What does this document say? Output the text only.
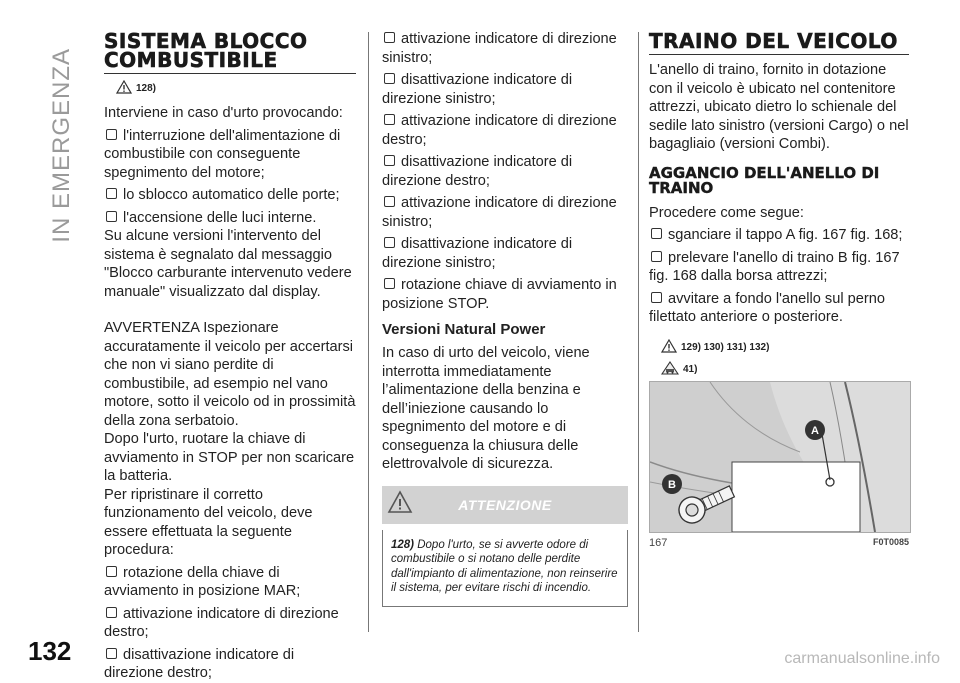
IN EMERGENZA
SISTEMA BLOCCO COMBUSTIBILE
128)

Interviene in caso d'urto provocando:

l'interruzione dell'alimentazione di combustibile con conseguente spegnimento del motore;
lo sblocco automatico delle porte;
l'accensione delle luci interne.

Su alcune versioni l'intervento del sistema è segnalato dal messaggio "Blocco carburante intervenuto vedere manuale" visualizzato dal display.

AVVERTENZA Ispezionare accuratamente il veicolo per accertarsi che non vi siano perdite di combustibile, ad esempio nel vano motore, sotto il veicolo od in prossimità della zona serbatoio.

Dopo l'urto, ruotare la chiave di avviamento in STOP per non scaricare la batteria.

Per ripristinare il corretto funzionamento del veicolo, deve essere effettuata la seguente procedura:

rotazione della chiave di avviamento in posizione MAR;
attivazione indicatore di direzione destro;
disattivazione indicatore di direzione destro;
attivazione indicatore di direzione sinistro;
disattivazione indicatore di direzione sinistro;
attivazione indicatore di direzione destro;
disattivazione indicatore di direzione destro;
attivazione indicatore di direzione sinistro;
disattivazione indicatore di direzione sinistro;
rotazione chiave di avviamento in posizione STOP.
Versioni Natural Power

In caso di urto del veicolo, viene interrotta immediatamente l’alimentazione della benzina e dell’iniezione causando lo spegnimento del motore e di conseguenza la chiusura delle elettrovalvole di sicurezza.

ATTENZIONE
128) Dopo l'urto, se si avverte odore di combustibile o si notano delle perdite dall'impianto di alimentazione, non reinserire il sistema, per evitare rischi di incendio.
TRAINO DEL VEICOLO

L'anello di traino, fornito in dotazione con il veicolo è ubicato nel contenitore attrezzi, ubicato dietro lo schienale del sedile lato sinistro (versioni Cargo) o nel bagagliaio (versioni Combi).

AGGANCIO DELL'ANELLO DI TRAINO

Procedere come segue:

sganciare il tappo A fig. 167 fig. 168;
prelevare l'anello di traino B fig. 167 fig. 168 dalla borsa attrezzi;
avvitare a fondo l'anello sul perno filettato anteriore o posteriore.
129) 130) 131) 132)
41)
A
B
167	F0T0085
132	carmanualsonline.info
